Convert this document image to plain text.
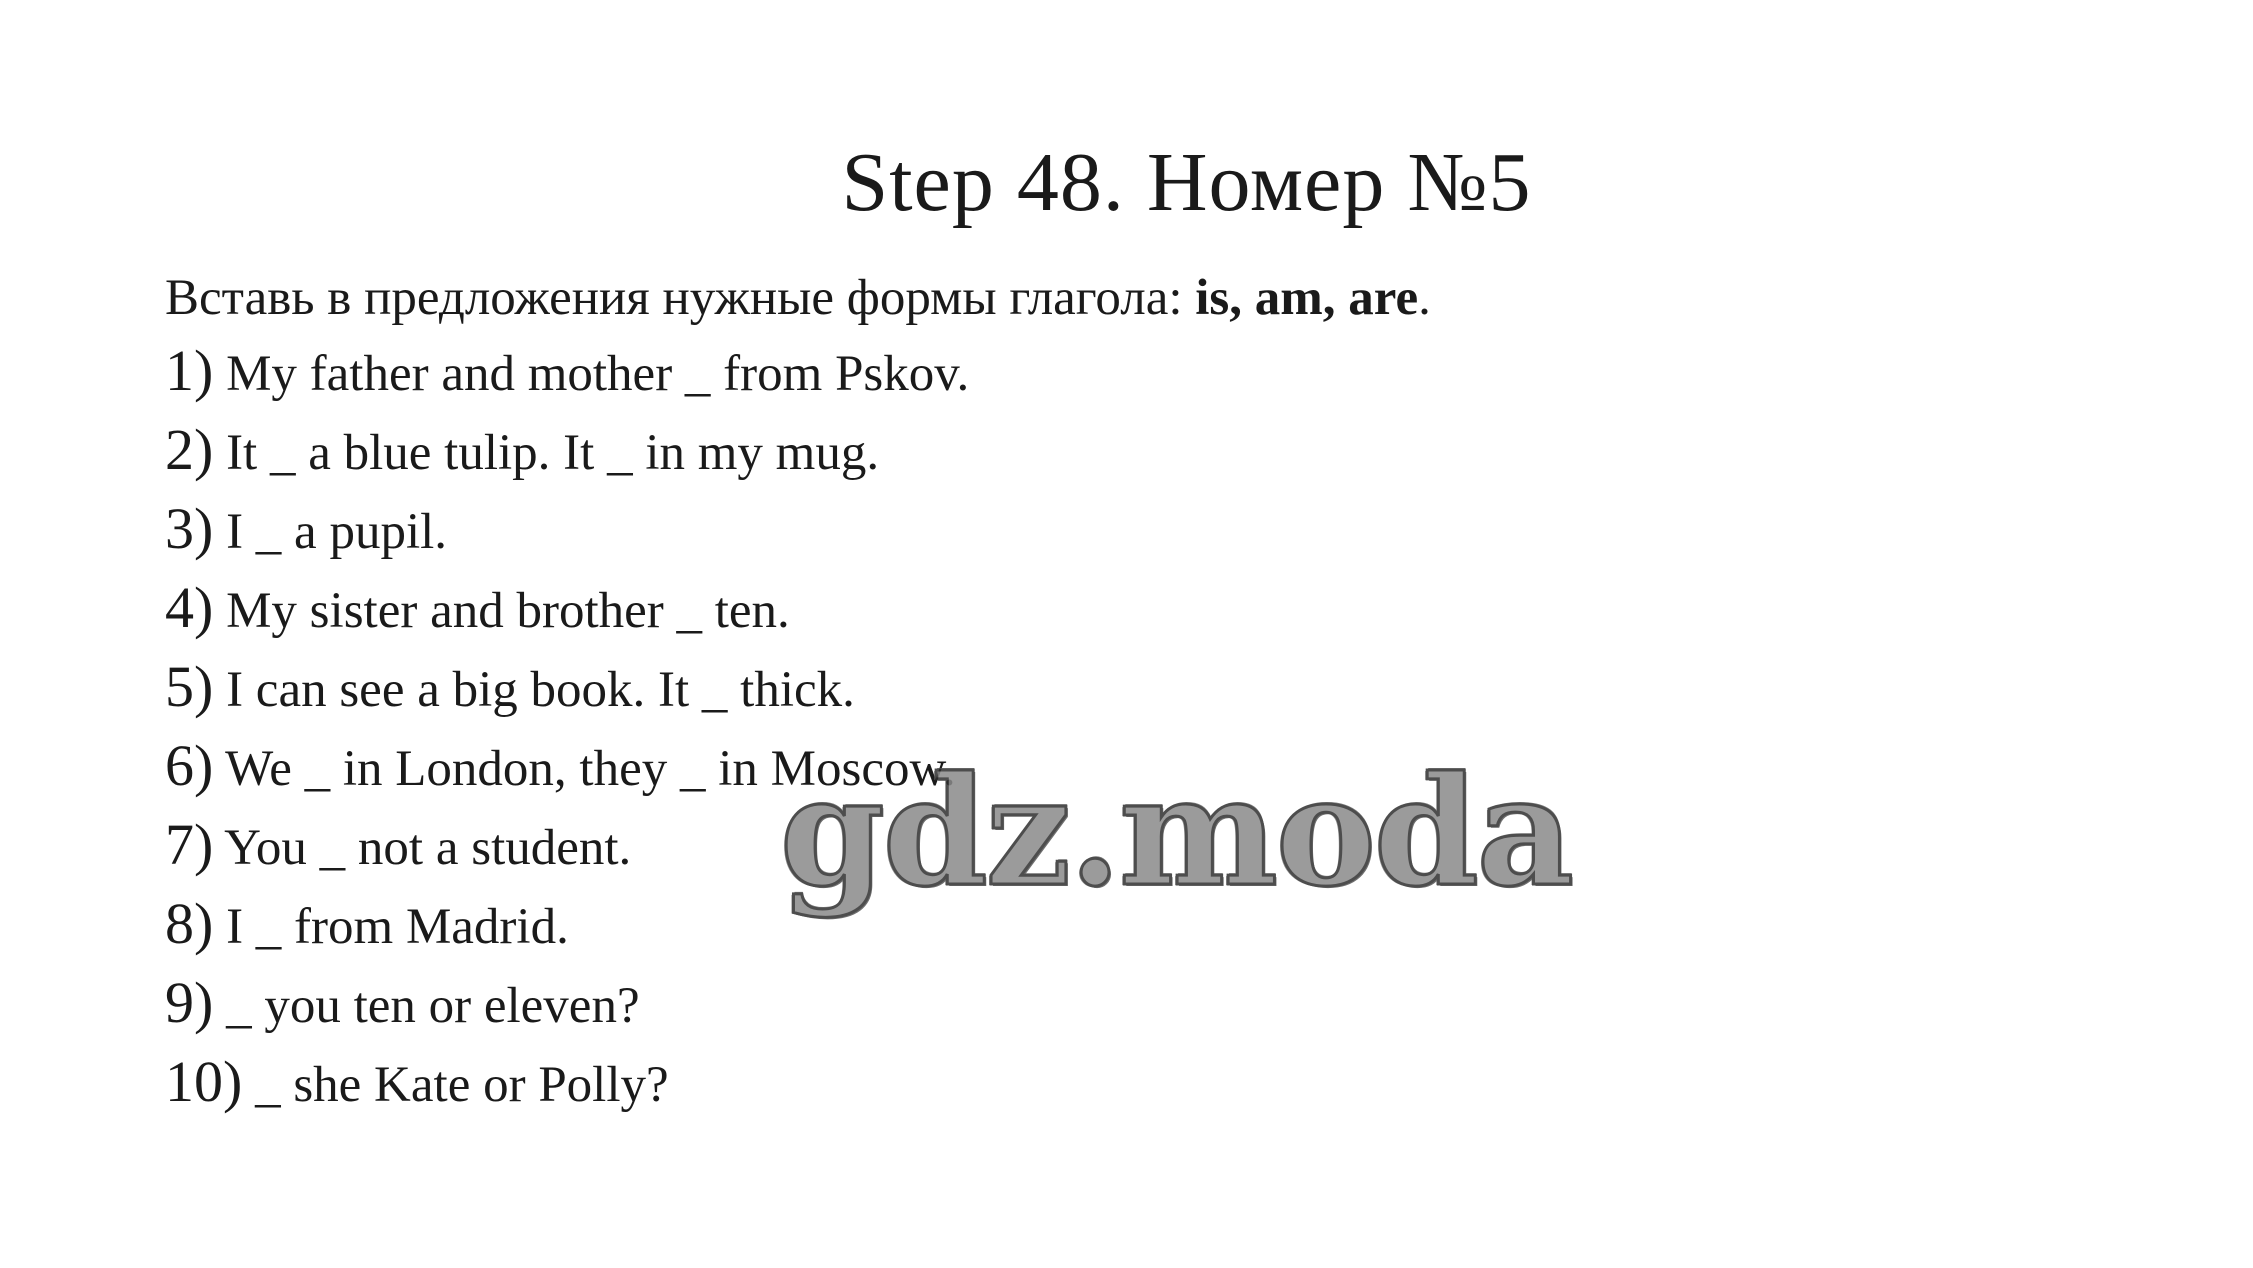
Step 48. Номер №5
Вставь в предложения нужные формы глагола: is, am, are.
1) My father and mother _ from Pskov.
2) It _ a blue tulip. It _ in my mug.
3) I _ a pupil.
4) My sister and brother _ ten.
5) I can see a big book. It _ thick.
6) We _ in London, they _ in Moscow.
7) You _ not a student.
8) I _ from Madrid.
9) _ you ten or eleven?
10) _ she Kate or Polly?
gdz.moda
